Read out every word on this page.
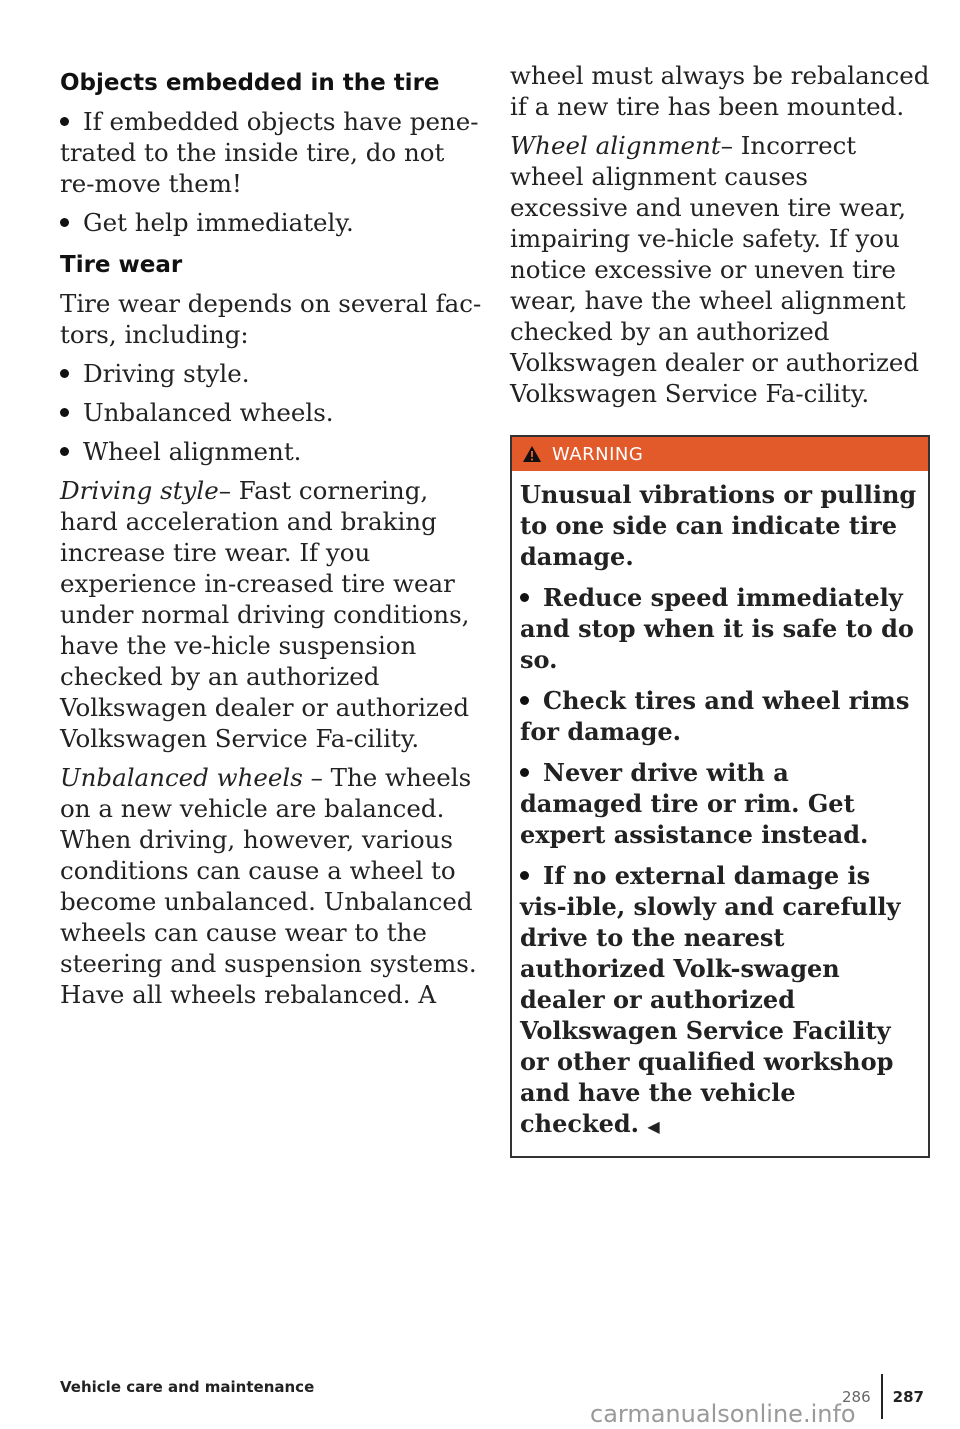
Objects embedded in the tire

If embedded objects have pene-trated to the inside tire, do not re-move them!

Get help immediately.

Tire wear

Tire wear depends on several fac-tors, including:

Driving style.

Unbalanced wheels.

Wheel alignment.

Driving style– Fast cornering, hard acceleration and braking increase tire wear. If you experience in-creased tire wear under normal driving conditions, have the ve-hicle suspension checked by an authorized Volkswagen dealer or authorized Volkswagen Service Fa-cility.

Unbalanced wheels – The wheels on a new vehicle are balanced. When driving, however, various conditions can cause a wheel to become unbalanced. Unbalanced wheels can cause wear to the steering and suspension systems. Have all wheels rebalanced. A

wheel must always be rebalanced if a new tire has been mounted.

Wheel alignment– Incorrect wheel alignment causes excessive and uneven tire wear, impairing ve-hicle safety. If you notice excessive or uneven tire wear, have the wheel alignment checked by an authorized Volkswagen dealer or authorized Volkswagen Service Fa-cility.

WARNING

Unusual vibrations or pulling to one side can indicate tire damage.

Reduce speed immediately and stop when it is safe to do so.

Check tires and wheel rims for damage.

Never drive with a damaged tire or rim. Get expert assistance instead.

If no external damage is vis-ible, slowly and carefully drive to the nearest authorized Volk-swagen dealer or authorized Volkswagen Service Facility or other qualified workshop and have the vehicle checked. ◀

Vehicle care and maintenance
286 287
carmanualsonline.info
